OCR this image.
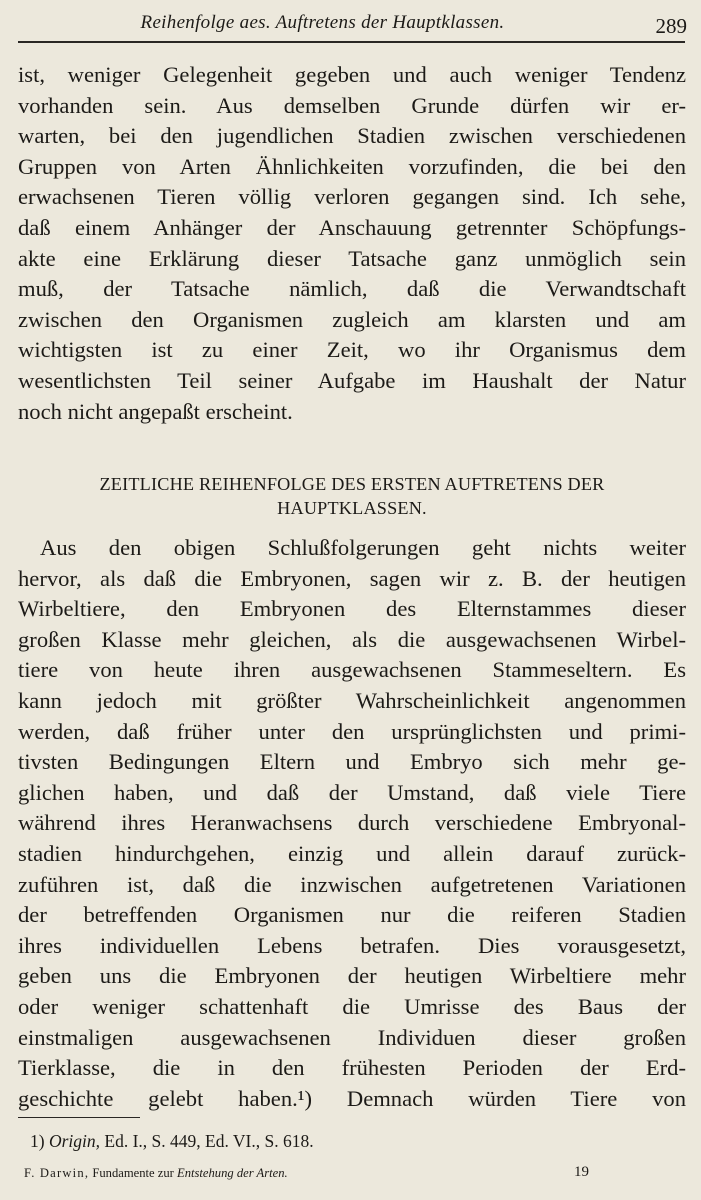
Reihenfolge aes. Auftretens der Hauptklassen.	289
ist, weniger Gelegenheit gegeben und auch weniger Tendenz
vorhanden sein. Aus demselben Grunde dürfen wir er-
warten, bei den jugendlichen Stadien zwischen verschiedenen
Gruppen von Arten Ähnlichkeiten vorzufinden, die bei den
erwachsenen Tieren völlig verloren gegangen sind. Ich sehe,
daß einem Anhänger der Anschauung getrennter Schöpfungs-
akte eine Erklärung dieser Tatsache ganz unmöglich sein
muß, der Tatsache nämlich, daß die Verwandtschaft
zwischen den Organismen zugleich am klarsten und am
wichtigsten ist zu einer Zeit, wo ihr Organismus dem
wesentlichsten Teil seiner Aufgabe im Haushalt der Natur
noch nicht angepaßt erscheint.
ZEITLICHE REIHENFOLGE DES ERSTEN AUFTRETENS DER
HAUPTKLASSEN.
Aus den obigen Schlußfolgerungen geht nichts weiter
hervor, als daß die Embryonen, sagen wir z. B. der heutigen
Wirbeltiere, den Embryonen des Elternstammes dieser
großen Klasse mehr gleichen, als die ausgewachsenen Wirbel-
tiere von heute ihren ausgewachsenen Stammeseltern. Es
kann jedoch mit größter Wahrscheinlichkeit angenommen
werden, daß früher unter den ursprünglichsten und primi-
tivsten Bedingungen Eltern und Embryo sich mehr ge-
glichen haben, und daß der Umstand, daß viele Tiere
während ihres Heranwachsens durch verschiedene Embryonal-
stadien hindurchgehen, einzig und allein darauf zurück-
zuführen ist, daß die inzwischen aufgetretenen Variationen
der betreffenden Organismen nur die reiferen Stadien
ihres individuellen Lebens betrafen. Dies vorausgesetzt,
geben uns die Embryonen der heutigen Wirbeltiere mehr
oder weniger schattenhaft die Umrisse des Baus der
einstmaligen ausgewachsenen Individuen dieser großen
Tierklasse, die in den frühesten Perioden der Erd-
geschichte gelebt haben.¹) Demnach würden Tiere von
1) Origin, Ed. I., S. 449, Ed. VI., S. 618.
F. Darwin, Fundamente zur Entstehung der Arten.	19
